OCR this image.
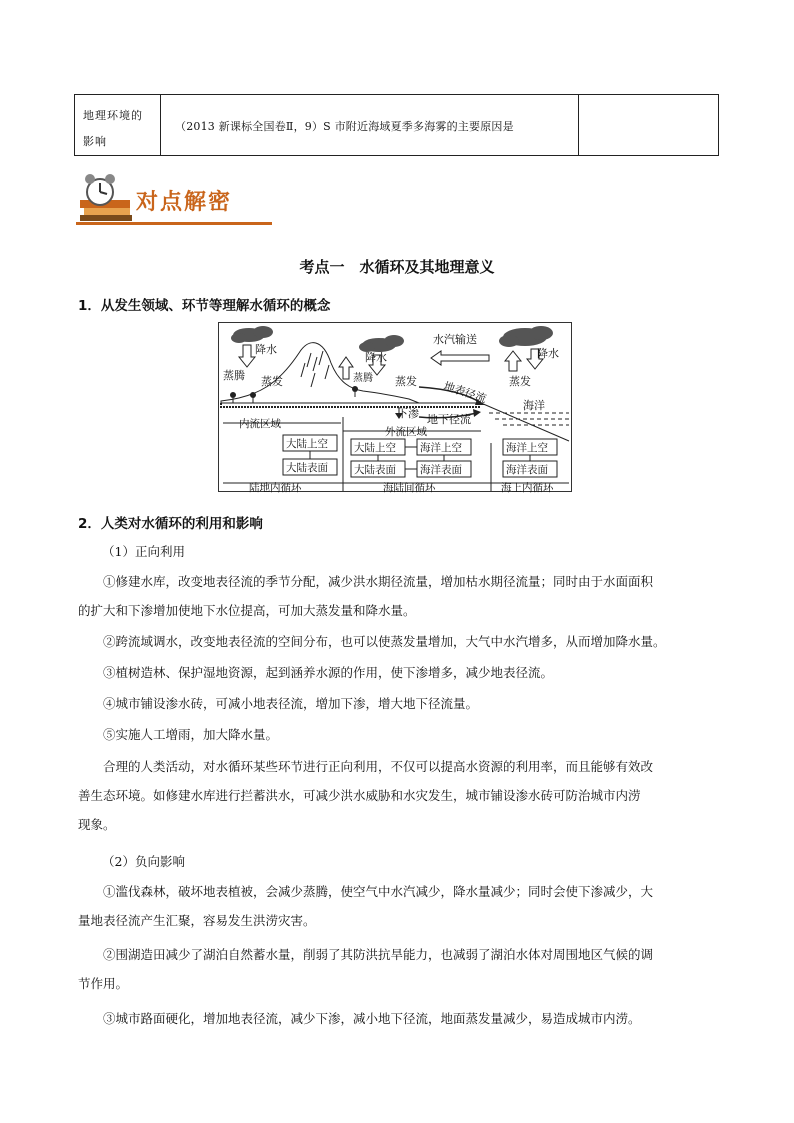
地理环境的影响
（2013 新课标全国卷Ⅱ，9）S 市附近海域夏季多海雾的主要原因是
对点解密
考点一　水循环及其地理意义
1．从发生领域、环节等理解水循环的概念
降水
蒸腾 蒸发
降水
蒸腾 蒸发
水汽输送
地表径流
下渗 地下径流
降水
蒸发
海洋
内流区域
外流区域
大陆上空
大陆表面
大陆上空 海洋上空
大陆表面 海洋表面
海洋上空
海洋表面
陆地内循环	海陆间循环	海上内循环
2．人类对水循环的利用和影响
（1）正向利用
①修建水库，改变地表径流的季节分配，减少洪水期径流量，增加枯水期径流量；同时由于水面面积
的扩大和下渗增加使地下水位提高，可加大蒸发量和降水量。
②跨流域调水，改变地表径流的空间分布，也可以使蒸发量增加，大气中水汽增多，从而增加降水量。
③植树造林、保护湿地资源，起到涵养水源的作用，使下渗增多，减少地表径流。
④城市铺设渗水砖，可减小地表径流，增加下渗，增大地下径流量。
⑤实施人工增雨，加大降水量。
合理的人类活动，对水循环某些环节进行正向利用，不仅可以提高水资源的利用率，而且能够有效改
善生态环境。如修建水库进行拦蓄洪水，可减少洪水威胁和水灾发生，城市铺设渗水砖可防治城市内涝
现象。
（2）负向影响
①滥伐森林，破坏地表植被，会减少蒸腾，使空气中水汽减少，降水量减少；同时会使下渗减少，大
量地表径流产生汇聚，容易发生洪涝灾害。
②围湖造田减少了湖泊自然蓄水量，削弱了其防洪抗旱能力，也减弱了湖泊水体对周围地区气候的调
节作用。
③城市路面硬化，增加地表径流，减少下渗，减小地下径流，地面蒸发量减少，易造成城市内涝。
